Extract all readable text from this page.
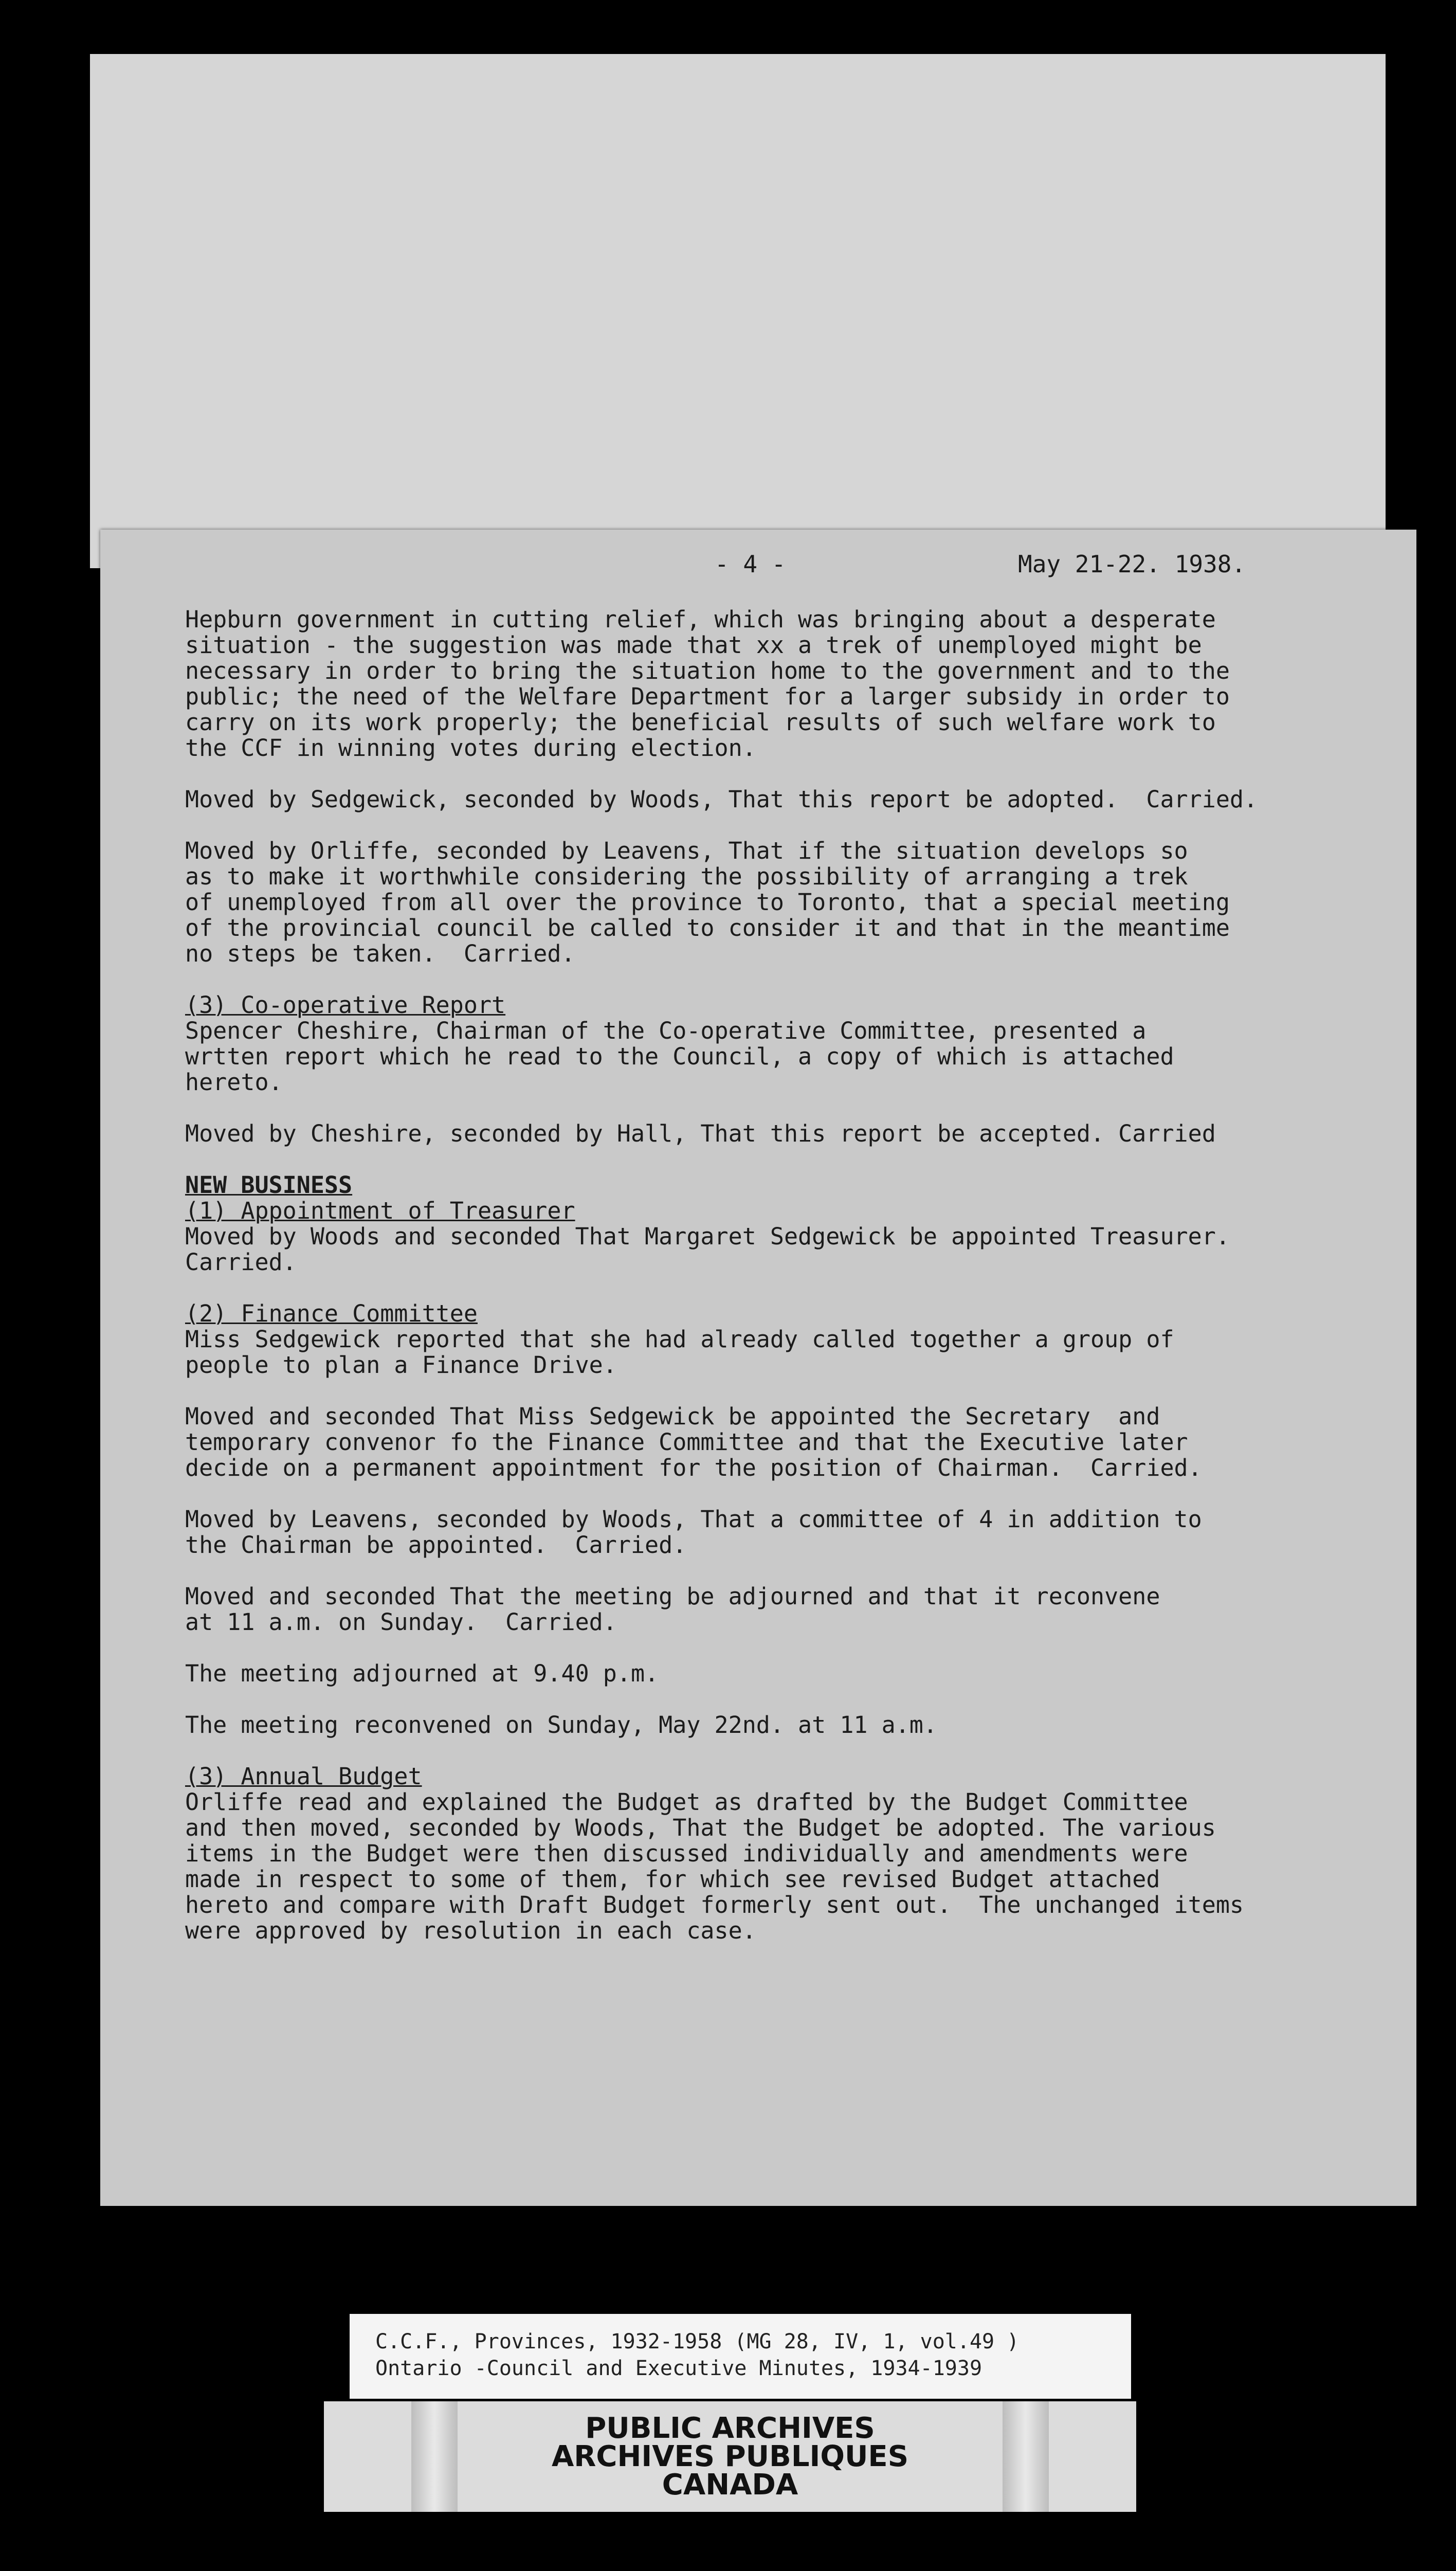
- 4 -	May 21-22. 1938.

Hepburn government in cutting relief, which was bringing about a desperate

situation - the suggestion was made that xx a trek of unemployed might be

necessary in order to bring the situation home to the government and to the

public; the need of the Welfare Department for a larger subsidy in order to

carry on its work properly; the beneficial results of such welfare work to

the CCF in winning votes during election.

Moved by Sedgewick, seconded by Woods, That this report be adopted.  Carried.

Moved by Orliffe, seconded by Leavens, That if the situation develops so

as to make it worthwhile considering the possibility of arranging a trek

of unemployed from all over the province to Toronto, that a special meeting

of the provincial council be called to consider it and that in the meantime

no steps be taken.  Carried.

(3) Co-operative Report

Spencer Cheshire, Chairman of the Co-operative Committee, presented a

wrtten report which he read to the Council, a copy of which is attached

hereto.

Moved by Cheshire, seconded by Hall, That this report be accepted. Carried

NEW BUSINESS

(1) Appointment of Treasurer

Moved by Woods and seconded That Margaret Sedgewick be appointed Treasurer.

Carried.

(2) Finance Committee

Miss Sedgewick reported that she had already called together a group of

people to plan a Finance Drive.

Moved and seconded That Miss Sedgewick be appointed the Secretary  and

temporary convenor fo the Finance Committee and that the Executive later

decide on a permanent appointment for the position of Chairman.  Carried.

Moved by Leavens, seconded by Woods, That a committee of 4 in addition to

the Chairman be appointed.  Carried.

Moved and seconded That the meeting be adjourned and that it reconvene

at 11 a.m. on Sunday.  Carried.

The meeting adjourned at 9.40 p.m.

The meeting reconvened on Sunday, May 22nd. at 11 a.m.

(3) Annual Budget

Orliffe read and explained the Budget as drafted by the Budget Committee

and then moved, seconded by Woods, That the Budget be adopted. The various

items in the Budget were then discussed individually and amendments were

made in respect to some of them, for which see revised Budget attached

hereto and compare with Draft Budget formerly sent out.  The unchanged items

were approved by resolution in each case.

C.C.F., Provinces, 1932-1958 (MG 28, IV, 1, vol.49 )
Ontario -Council and Executive Minutes, 1934-1939
PUBLIC ARCHIVES
ARCHIVES PUBLIQUES
CANADA
